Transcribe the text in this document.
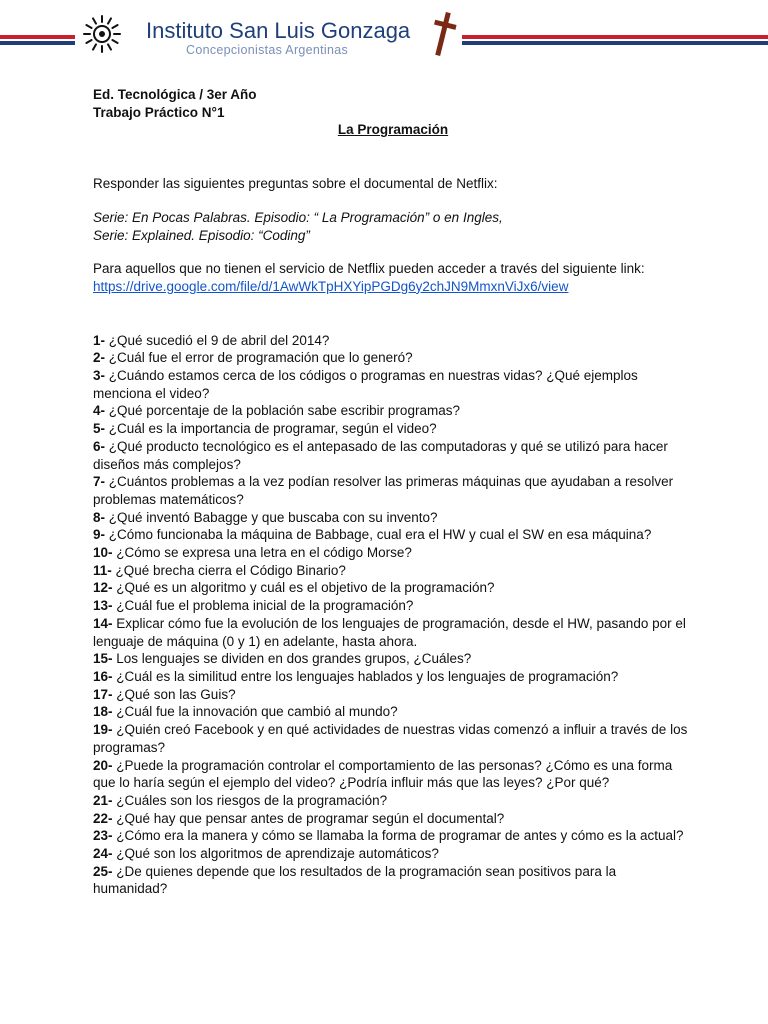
Instituto San Luis Gonzaga
Concepcionistas Argentinas
Ed. Tecnológica / 3er Año
Trabajo Práctico N°1
La Programación
Responder las siguientes preguntas sobre el documental de Netflix:
Serie: En Pocas Palabras. Episodio: “ La Programación” o en Ingles,
Serie: Explained. Episodio: “Coding”
Para aquellos que no tienen el servicio de Netflix pueden acceder a través del siguiente link:
https://drive.google.com/file/d/1AwWkTpHXYipPGDg6y2chJN9MmxnViJx6/view
1- ¿Qué sucedió el 9 de abril del 2014?
2- ¿Cuál fue el error de programación que lo generó?
3- ¿Cuándo estamos cerca de los códigos o programas en nuestras vidas? ¿Qué ejemplos menciona el video?
4- ¿Qué porcentaje de la población sabe escribir programas?
5- ¿Cuál es la importancia de programar, según el video?
6- ¿Qué producto tecnológico es el antepasado de las computadoras y qué se utilizó para hacer diseños más complejos?
7- ¿Cuántos problemas a la vez podían resolver las primeras máquinas que ayudaban a resolver problemas matemáticos?
8- ¿Qué inventó Babagge y que buscaba con su invento?
9- ¿Cómo funcionaba la máquina de Babbage, cual era el HW y cual el SW en esa máquina?
10- ¿Cómo se expresa una letra en el código Morse?
11- ¿Qué brecha cierra el Código Binario?
12- ¿Qué es un algoritmo y cuál es el objetivo de la programación?
13- ¿Cuál fue el problema inicial de la programación?
14- Explicar cómo fue la evolución de los lenguajes de programación, desde el HW, pasando por el lenguaje de máquina (0 y 1) en adelante, hasta ahora.
15- Los lenguajes se dividen en dos grandes grupos, ¿Cuáles?
16- ¿Cuál es la similitud entre los lenguajes hablados y los lenguajes de programación?
17- ¿Qué son las Guis?
18- ¿Cuál fue la innovación que cambió al mundo?
19- ¿Quién creó Facebook y en qué actividades de nuestras vidas comenzó a influir a través de los programas?
20- ¿Puede la programación controlar el comportamiento de las personas? ¿Cómo es una forma que lo haría según el ejemplo del video? ¿Podría influir más que las leyes? ¿Por qué?
21- ¿Cuáles son los riesgos de la programación?
22- ¿Qué hay que pensar antes de programar según el documental?
23- ¿Cómo era la manera y cómo se llamaba la forma de programar de antes y cómo es la actual?
24- ¿Qué son los algoritmos de aprendizaje automáticos?
25- ¿De quienes depende que los resultados de la programación sean positivos para la humanidad?
